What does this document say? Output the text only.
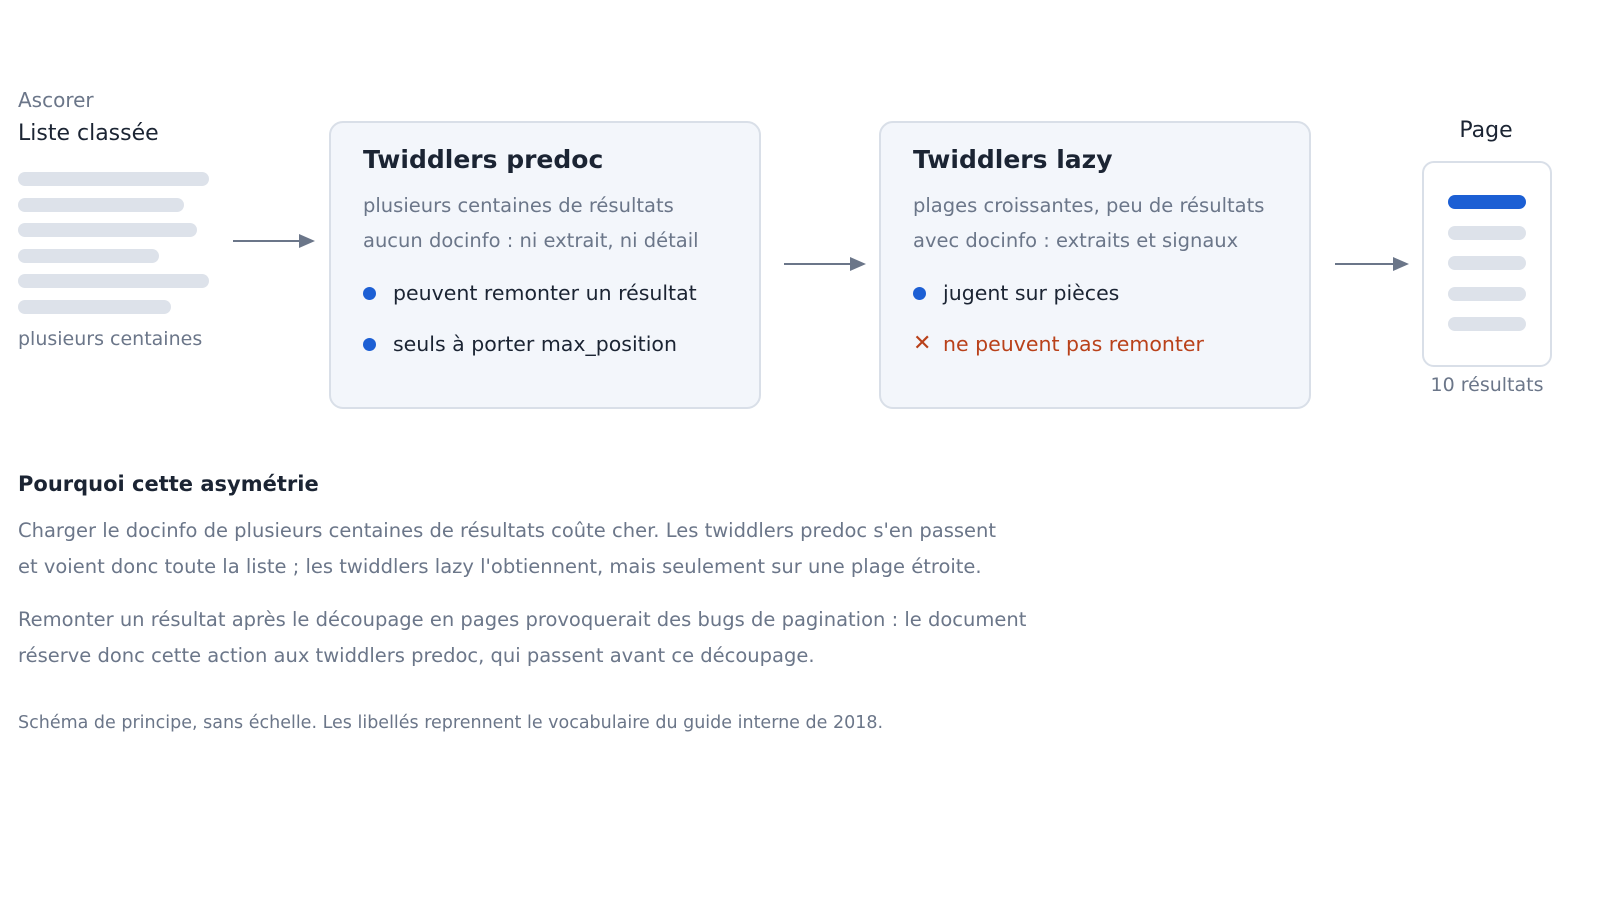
Ascorer
Liste classée
plusieurs centaines
Twiddlers predoc
plusieurs centaines de résultats
aucun docinfo : ni extrait, ni détail
peuvent remonter un résultat
seuls à porter max_position
Twiddlers lazy
plages croissantes, peu de résultats
avec docinfo : extraits et signaux
jugent sur pièces
✕ ne peuvent pas remonter
Page
10 résultats
Pourquoi cette asymétrie
Charger le docinfo de plusieurs centaines de résultats coûte cher. Les twiddlers predoc s'en passent
et voient donc toute la liste ; les twiddlers lazy l'obtiennent, mais seulement sur une plage étroite.
Remonter un résultat après le découpage en pages provoquerait des bugs de pagination : le document
réserve donc cette action aux twiddlers predoc, qui passent avant ce découpage.
Schéma de principe, sans échelle. Les libellés reprennent le vocabulaire du guide interne de 2018.
